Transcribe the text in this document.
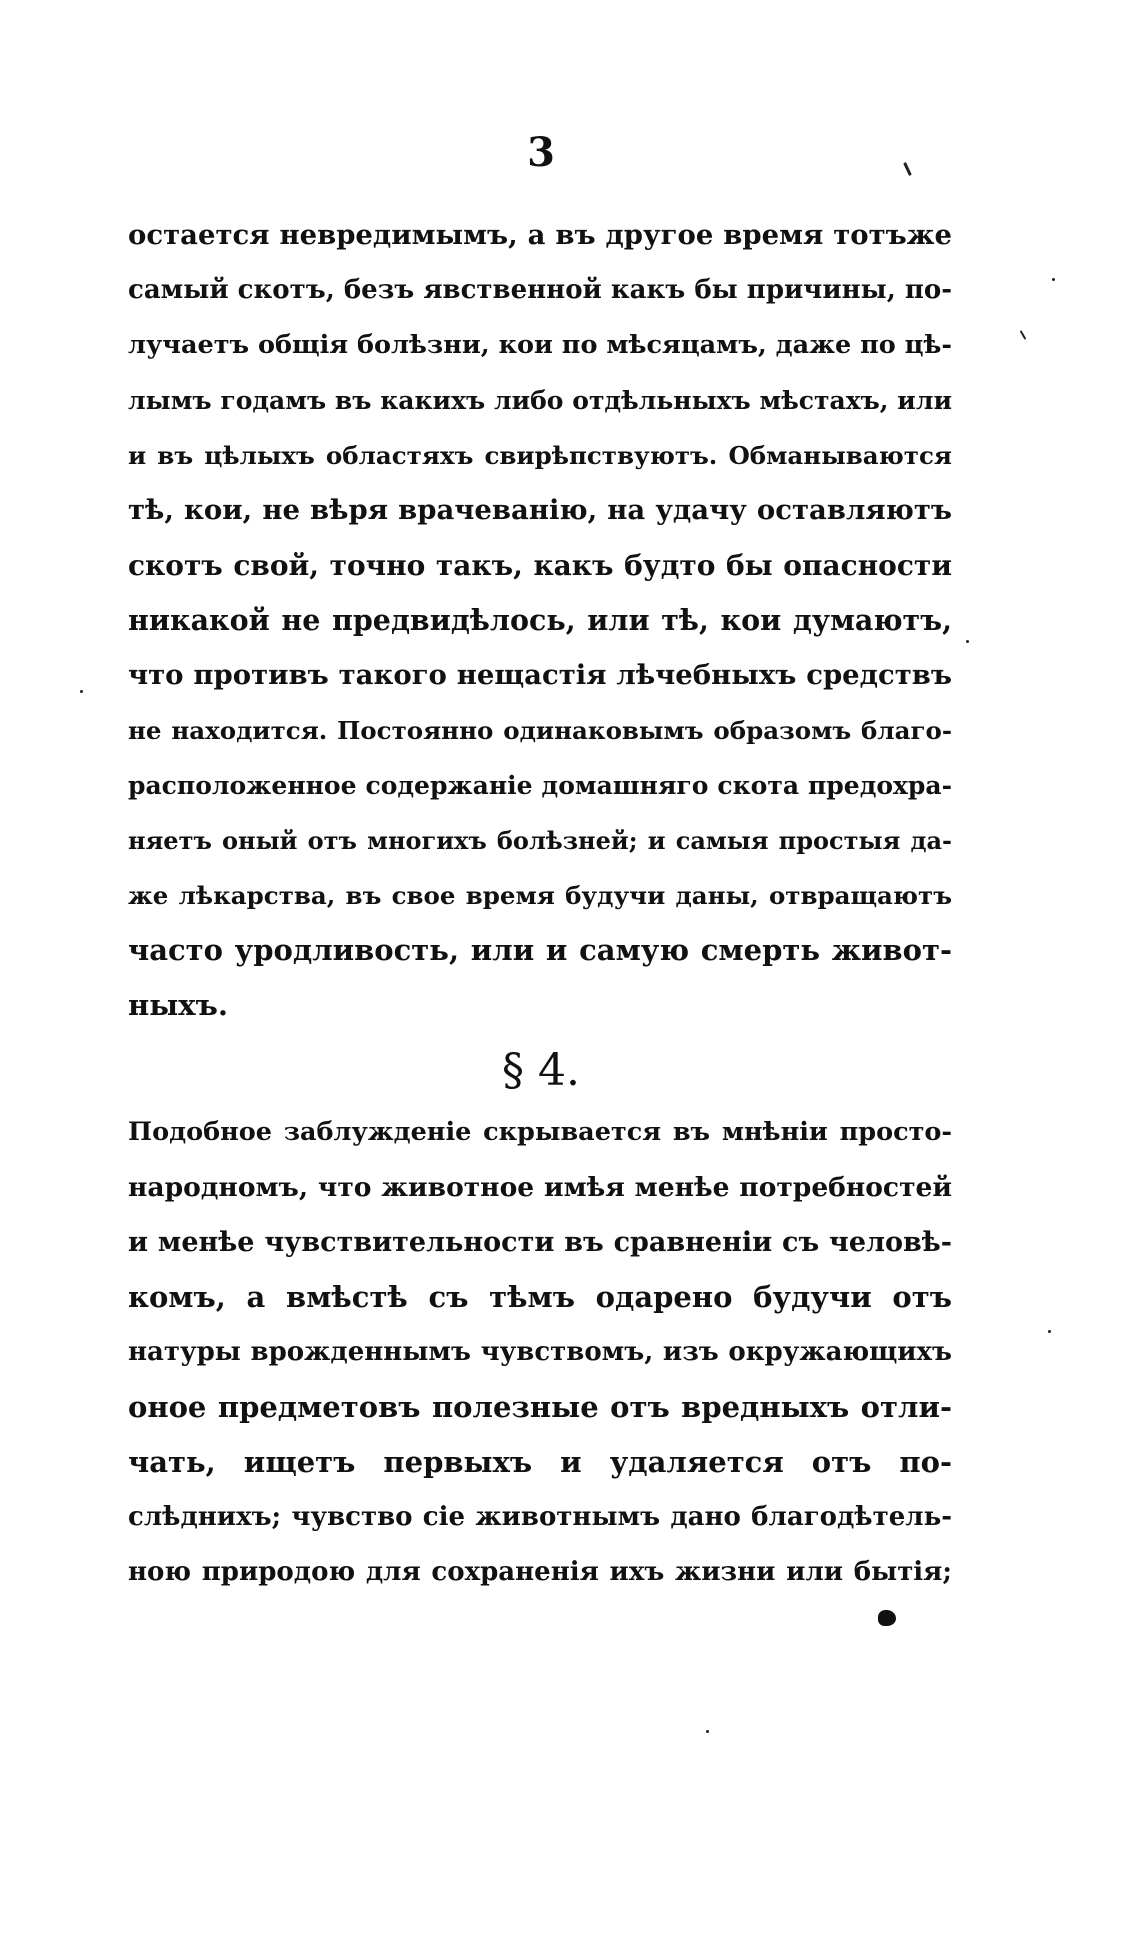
3
остается невредимымъ, а въ другое время тотъже
самый скотъ, безъ явственной какъ бы причины, по-
лучаетъ общія болѣзни, кои по мѣсяцамъ, даже по цѣ-
лымъ годамъ въ какихъ либо отдѣльныхъ мѣстахъ, или
и въ цѣлыхъ областяхъ свирѣпствуютъ. Обманываются
тѣ, кои, не вѣря врачеванію, на удачу оставляютъ
скотъ свой, точно такъ, какъ будто бы опасности
никакой не предвидѣлось, или тѣ, кои думаютъ,
что противъ такого нещастія лѣчебныхъ средствъ
не находится. Постоянно одинаковымъ образомъ благо-
расположенное содержаніе домашняго скота предохра-
няетъ оный отъ многихъ болѣзней; и самыя простыя да-
же лѣкарства, въ свое время будучи даны, отвращаютъ
часто уродливость, или и самую смерть живот-
ныхъ.
§ 4.
Подобное заблужденіе скрывается въ мнѣніи просто-
народномъ, что животное имѣя менѣе потребностей
и менѣе чувствительности въ сравненіи съ человѣ-
комъ, а вмѣстѣ съ тѣмъ одарено будучи отъ
натуры врожденнымъ чувствомъ, изъ окружающихъ
оное предметовъ полезные отъ вредныхъ отли-
чать, ищетъ первыхъ и удаляется отъ по-
слѣднихъ; чувство сіе животнымъ дано благодѣтель-
ною природою для сохраненія ихъ жизни или бытія;
